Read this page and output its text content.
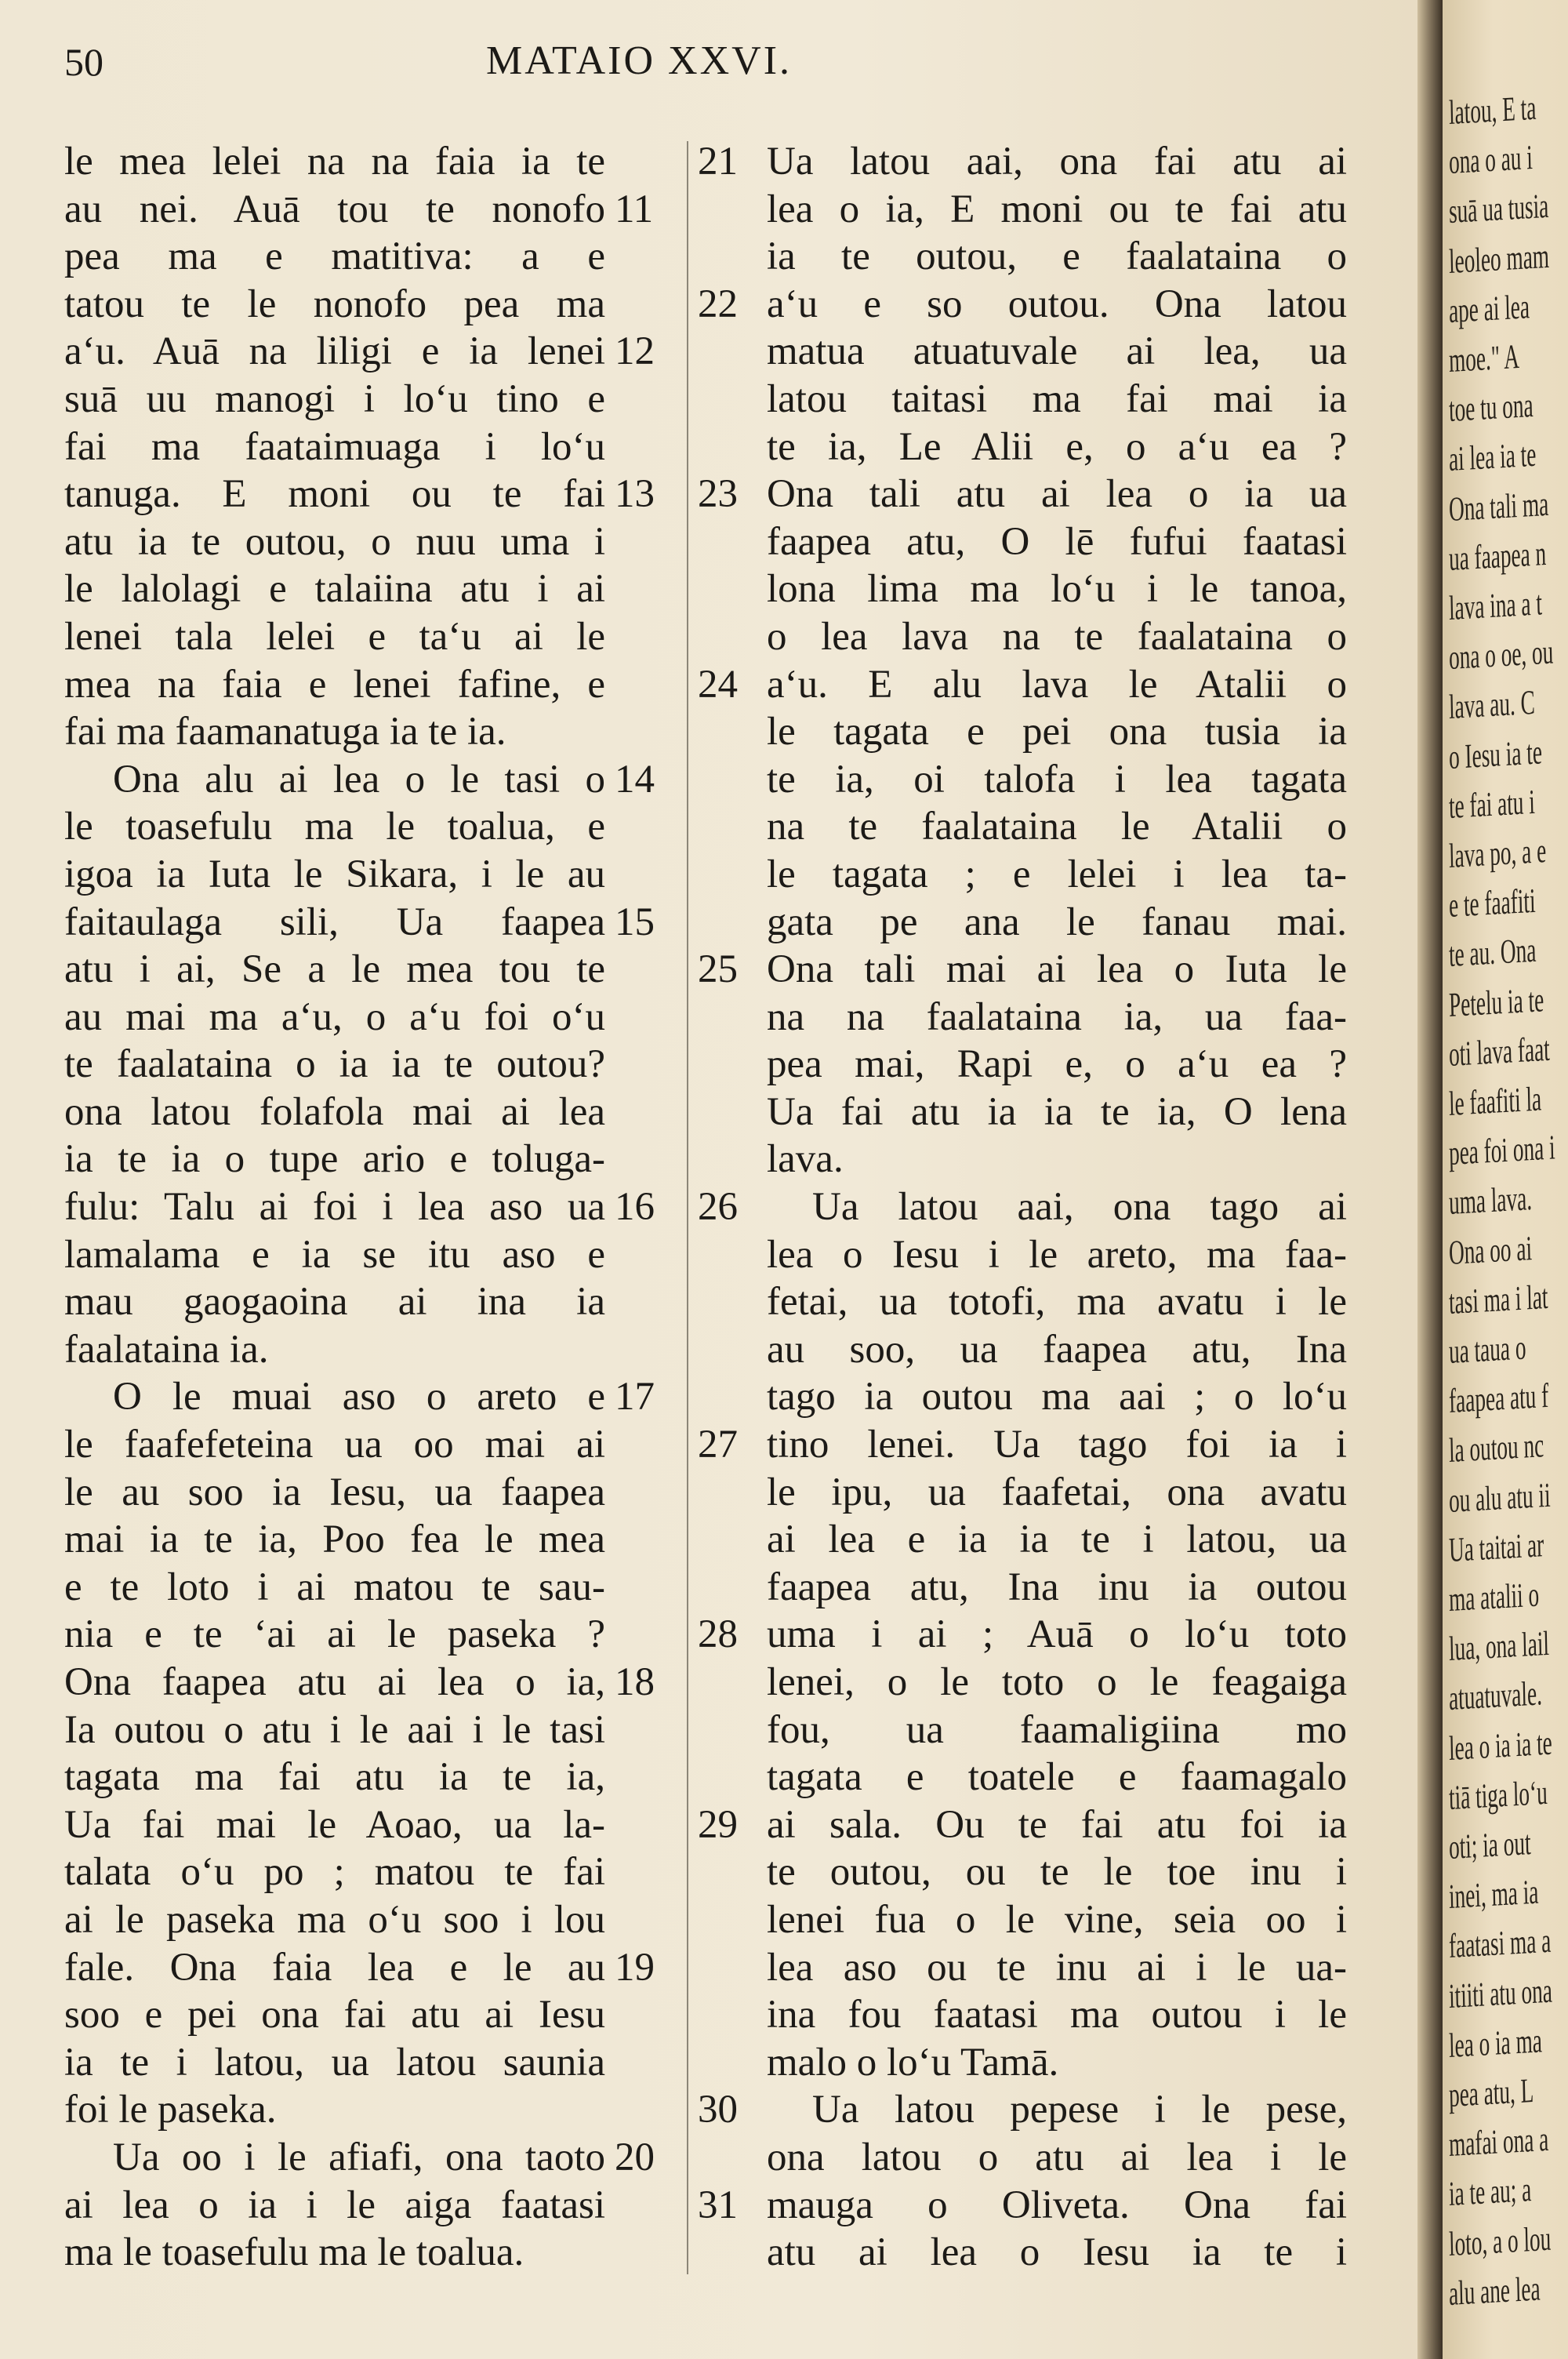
50	MATAIO XXVI.
le mea lelei na na faia ia te
au nei. Auā tou te nonofo 11
pea ma e matitiva: a e
tatou te le nonofo pea ma
aʻu. Auā na liligi e ia lenei 12
suā uu manogi i loʻu tino e
fai ma faataimuaga i loʻu
tanuga. E moni ou te fai 13
atu ia te outou, o nuu uma i
le lalolagi e talaiina atu i ai
lenei tala lelei e taʻu ai le
mea na faia e lenei fafine, e
fai ma faamanatuga ia te ia.
Ona alu ai lea o le tasi o 14
le toasefulu ma le toalua, e
igoa ia Iuta le Sikara, i le au
faitaulaga sili, Ua faapea 15
atu i ai, Se a le mea tou te
au mai ma aʻu, o aʻu foi oʻu
te faalataina o ia ia te outou?
ona latou folafola mai ai lea
ia te ia o tupe ario e toluga-
fulu: Talu ai foi i lea aso ua 16
lamalama e ia se itu aso e
mau gaogaoina ai ina ia
faalataina ia.
O le muai aso o areto e 17
le faafefeteina ua oo mai ai
le au soo ia Iesu, ua faapea
mai ia te ia, Poo fea le mea
e te loto i ai matou te sau-
nia e te ʻai ai le paseka ?
Ona faapea atu ai lea o ia, 18
Ia outou o atu i le aai i le tasi
tagata ma fai atu ia te ia,
Ua fai mai le Aoao, ua la-
talata oʻu po ; matou te fai
ai le paseka ma oʻu soo i lou
fale. Ona faia lea e le au 19
soo e pei ona fai atu ai Iesu
ia te i latou, ua latou saunia
foi le paseka.
Ua oo i le afiafi, ona taoto 20
ai lea o ia i le aiga faatasi
ma le toasefulu ma le toalua.
Ua latou aai, ona fai atu ai
21
lea o ia, E moni ou te fai atu
ia te outou, e faalataina o
aʻu e so outou. Ona latou
22
matua atuatuvale ai lea, ua
latou taitasi ma fai mai ia
te ia, Le Alii e, o aʻu ea ?
Ona tali atu ai lea o ia ua
23
faapea atu, O lē fufui faatasi
lona lima ma loʻu i le tanoa,
o lea lava na te faalataina o
aʻu. E alu lava le Atalii o
24
le tagata e pei ona tusia ia
te ia, oi talofa i lea tagata
na te faalataina le Atalii o
le tagata ; e lelei i lea ta-
gata pe ana le fanau mai.
Ona tali mai ai lea o Iuta le
25
na na faalataina ia, ua faa-
pea mai, Rapi e, o aʻu ea ?
Ua fai atu ia ia te ia, O lena
lava.
Ua latou aai, ona tago ai
26
lea o Iesu i le areto, ma faa-
fetai, ua totofi, ma avatu i le
au soo, ua faapea atu, Ina
tago ia outou ma aai ; o loʻu
tino lenei. Ua tago foi ia i
27
le ipu, ua faafetai, ona avatu
ai lea e ia ia te i latou, ua
faapea atu, Ina inu ia outou
uma i ai ; Auā o loʻu toto
28
lenei, o le toto o le feagaiga
fou, ua faamaligiina mo
tagata e toatele e faamagalo
ai sala. Ou te fai atu foi ia
29
te outou, ou te le toe inu i
lenei fua o le vine, seia oo i
lea aso ou te inu ai i le ua-
ina fou faatasi ma outou i le
malo o loʻu Tamā.
Ua latou pepese i le pese,
30
ona latou o atu ai lea i le
mauga o Oliveta. Ona fai
31
atu ai lea o Iesu ia te i
latou, E ta
ona o au i
suā ua tusia
leoleo mam
ape ai lea
moe." A
toe tu ona
ai lea ia te
Ona tali ma
ua faapea n
lava ina a t
ona o oe, ou
lava au. C
o Iesu ia te
te fai atu i
lava po, a e
e te faafiti
te au. Ona
Petelu ia te
oti lava faat
le faafiti la
pea foi ona i
uma lava.
Ona oo ai
tasi ma i lat
ua taua o
faapea atu f
la outou nc
ou alu atu ii
Ua taitai ar
ma atalii o
lua, ona lail
atuatuvale.
lea o ia ia te
tiā tiga loʻu
oti; ia out
inei, ma ia
faatasi ma a
itiiti atu ona
lea o ia ma
pea atu, L
mafai ona a
ia te au; a
loto, a o lou
alu ane lea
